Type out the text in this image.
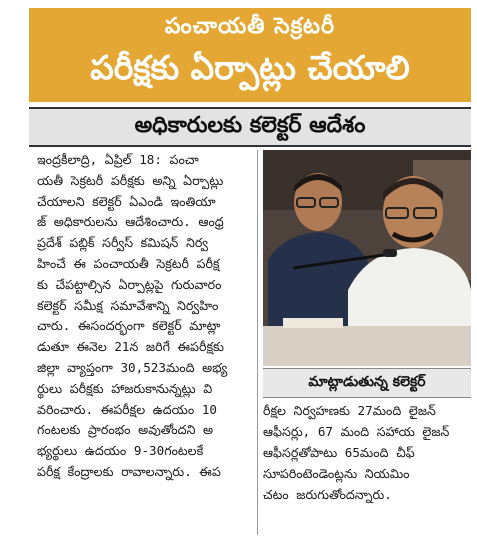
పంచాయతీ సెక్రటరీ
పరీక్షకు ఏర్పాట్లు చేయాలి
అధికారులకు కలెక్టర్ ఆదేశం
ఇంద్రకీలాద్రి, ఏప్రిల్ 18: పంచా
యతీ సెక్రటరీ పరీక్షకు అన్ని ఏర్పాట్లు
చేయాలని కలెక్టర్ ఏఎండి ఇంతియా
జ్ అధికారులను ఆదేశించారు. ఆంధ్ర
ప్రదేశ్ పబ్లిక్ సర్వీస్ కమిషన్ నిర్వ
హించే ఈ పంచాయతీ సెక్రటరీ పరీక్ష
కు చేపట్టాల్సిన ఏర్పాట్లపై గురువారం
కలెక్టర్ సమీక్ష సమావేశాన్ని నిర్వహిం
చారు. ఈసందర్భంగా కలెక్టర్ మాట్లా
డుతూ ఈనెల 21న జరిగే ఈపరీక్షకు
జిల్లా వ్యాప్తంగా 30,523మంది అభ్య
ర్థులు పరీక్షకు హాజరుకానున్నట్లు వి
వరించారు. ఈపరీక్షల ఉదయం 10
గంటలకు ప్రారంభం అవుతోందని అ
భ్యర్థులు ఉదయం 9-30గంటలకే
పరీక్ష కేంద్రాలకు రావాలన్నారు. ఈప
మాట్లాడుతున్న కలెక్టర్
రీక్షల నిర్వహణకు 27మంది లైజన్
ఆఫీసర్లు, 67 మంది సహాయ లైజన్
ఆఫీసర్లతోపాటు 65మంది చీఫ్
సూపరింటెండెంట్లను నియమిం
చటం జరుగుతోందన్నారు.
